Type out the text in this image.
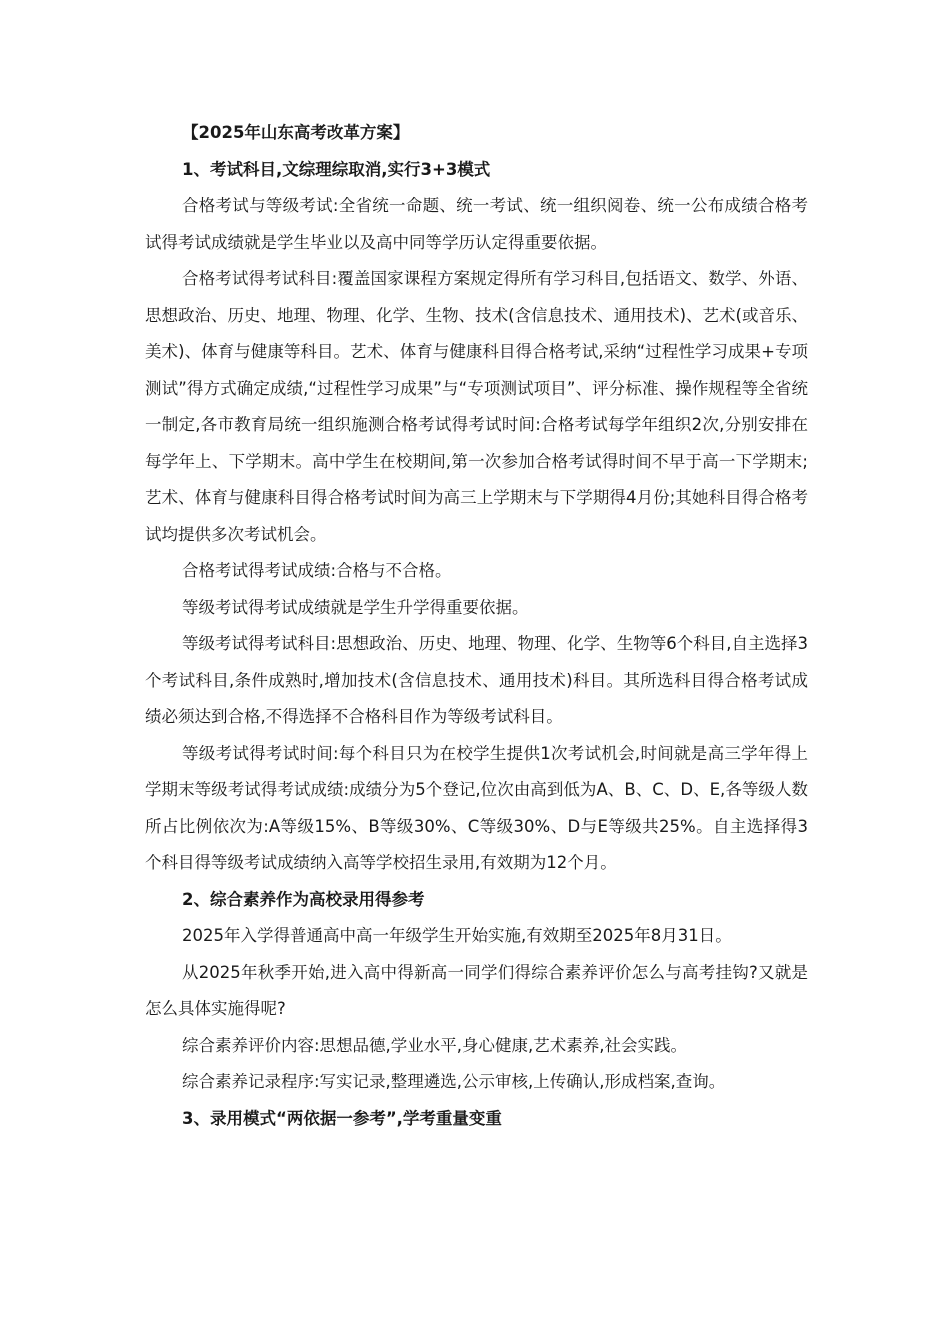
【2025年山东高考改革方案】

1、考试科目,文综理综取消,实行3+3模式

合格考试与等级考试:全省统一命题、统一考试、统一组织阅卷、统一公布成绩合格考试得考试成绩就是学生毕业以及高中同等学历认定得重要依据。

合格考试得考试科目:覆盖国家课程方案规定得所有学习科目,包括语文、数学、外语、思想政治、历史、地理、物理、化学、生物、技术(含信息技术、通用技术)、艺术(或音乐、美术)、体育与健康等科目。艺术、体育与健康科目得合格考试,采纳“过程性学习成果+专项测试”得方式确定成绩,“过程性学习成果”与“专项测试项目”、评分标准、操作规程等全省统一制定,各市教育局统一组织施测合格考试得考试时间:合格考试每学年组织2次,分别安排在每学年上、下学期末。高中学生在校期间,第一次参加合格考试得时间不早于高一下学期末;艺术、体育与健康科目得合格考试时间为高三上学期末与下学期得4月份;其她科目得合格考试均提供多次考试机会。

合格考试得考试成绩:合格与不合格。

等级考试得考试成绩就是学生升学得重要依据。

等级考试得考试科目:思想政治、历史、地理、物理、化学、生物等6个科目,自主选择3个考试科目,条件成熟时,增加技术(含信息技术、通用技术)科目。其所选科目得合格考试成绩必须达到合格,不得选择不合格科目作为等级考试科目。

等级考试得考试时间:每个科目只为在校学生提供1次考试机会,时间就是高三学年得上学期末等级考试得考试成绩:成绩分为5个登记,位次由高到低为A、B、C、D、E,各等级人数所占比例依次为:A等级15%、B等级30%、C等级30%、D与E等级共25%。自主选择得3个科目得等级考试成绩纳入高等学校招生录用,有效期为12个月。

2、综合素养作为高校录用得参考

2025年入学得普通高中高一年级学生开始实施,有效期至2025年8月31日。

从2025年秋季开始,进入高中得新高一同学们得综合素养评价怎么与高考挂钩?又就是怎么具体实施得呢?

综合素养评价内容:思想品德,学业水平,身心健康,艺术素养,社会实践。

综合素养记录程序:写实记录,整理遴选,公示审核,上传确认,形成档案,查询。

3、录用模式“两依据一参考”,学考重量变重
